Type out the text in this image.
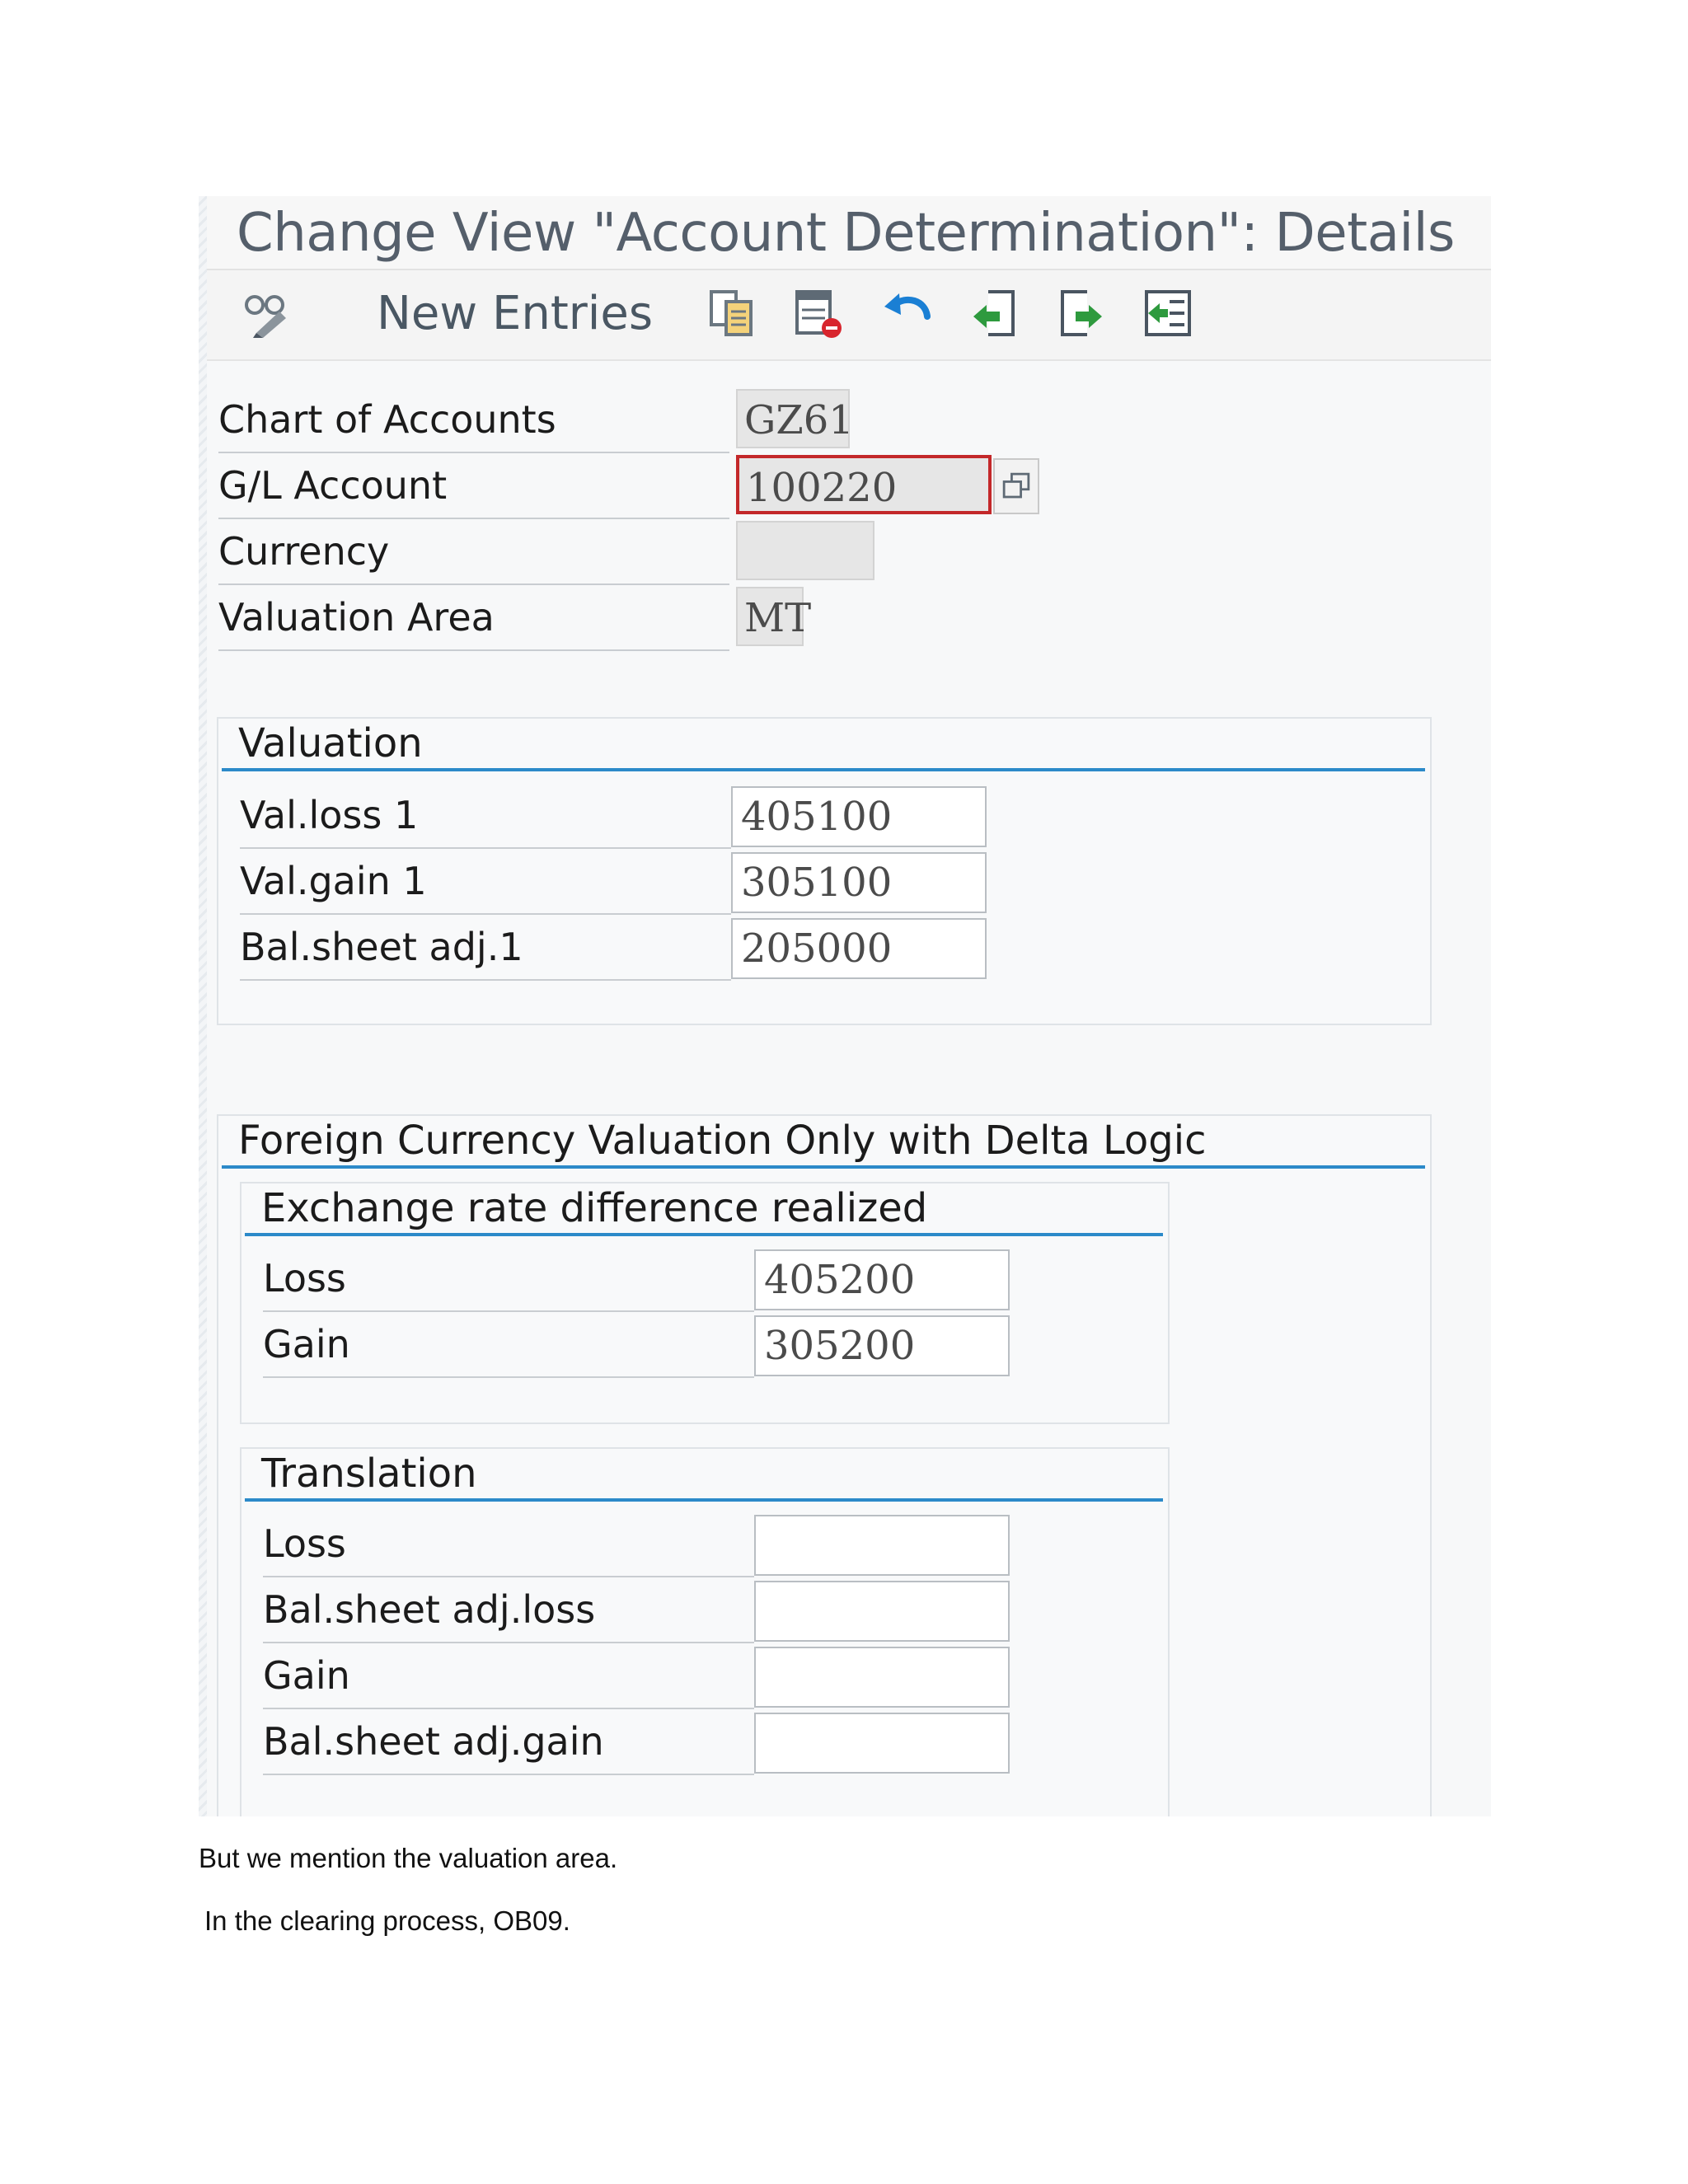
Change View "Account Determination": Details
New Entries
Chart of Accounts	GZ61
G/L Account	100220
Currency
Valuation Area	MT
Valuation
Val.loss 1	405100
Val.gain 1	305100
Bal.sheet adj.1	205000
Foreign Currency Valuation Only with Delta Logic
Exchange rate difference realized
Loss	405200
Gain	305200
Translation
Loss
Bal.sheet adj.loss
Gain
Bal.sheet adj.gain
But we mention the valuation area.
In the clearing process, OB09.
